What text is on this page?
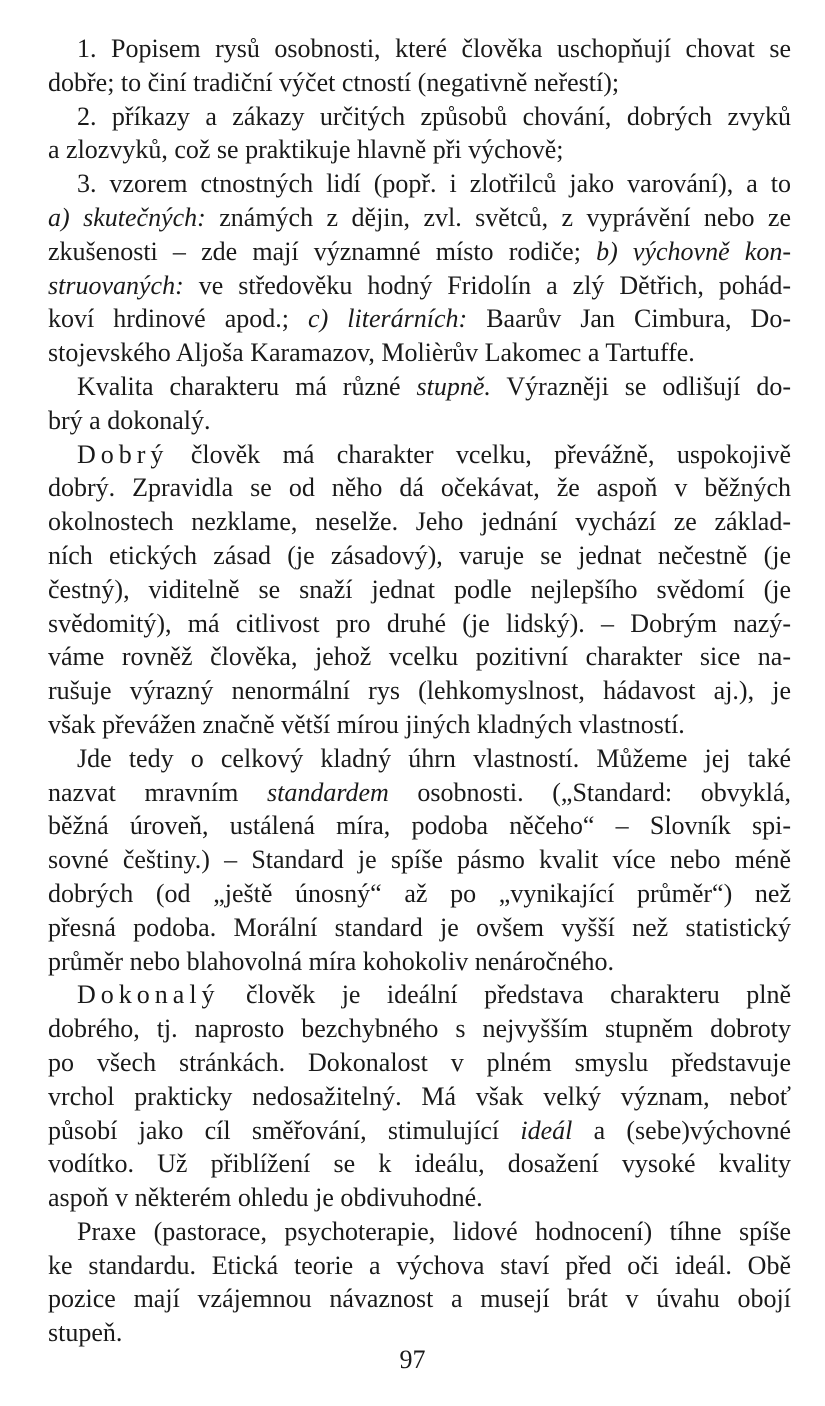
1. Popisem rysů osobnosti, které člověka uschopňují chovat se
dobře; to činí tradiční výčet ctností (negativně neřestí);
2. příkazy a zákazy určitých způsobů chování, dobrých zvyků
a zlozvyků, což se praktikuje hlavně při výchově;
3. vzorem ctnostných lidí (popř. i zlotřilců jako varování), a to
a) skutečných: známých z dějin, zvl. světců, z vyprávění nebo ze
zkušenosti – zde mají významné místo rodiče; b) výchovně kon-
struovaných: ve středověku hodný Fridolín a zlý Dětřich, pohád-
koví hrdinové apod.; c) literárních: Baarův Jan Cimbura, Do-
stojevského Aljoša Karamazov, Molièrův Lakomec a Tartuffe.
Kvalita charakteru má různé stupně. Výrazněji se odlišují do-
brý a dokonalý.
Dobrý člověk má charakter vcelku, převážně, uspokojivě
dobrý. Zpravidla se od něho dá očekávat, že aspoň v běžných
okolnostech nezklame, neselže. Jeho jednání vychází ze základ-
ních etických zásad (je zásadový), varuje se jednat nečestně (je
čestný), viditelně se snaží jednat podle nejlepšího svědomí (je
svědomitý), má citlivost pro druhé (je lidský). – Dobrým nazý-
váme rovněž člověka, jehož vcelku pozitivní charakter sice na-
rušuje výrazný nenormální rys (lehkomyslnost, hádavost aj.), je
však převážen značně větší mírou jiných kladných vlastností.
Jde tedy o celkový kladný úhrn vlastností. Můžeme jej také
nazvat mravním standardem osobnosti. („Standard: obvyklá,
běžná úroveň, ustálená míra, podoba něčeho“ – Slovník spi-
sovné češtiny.) – Standard je spíše pásmo kvalit více nebo méně
dobrých (od „ještě únosný“ až po „vynikající průměr“) než
přesná podoba. Morální standard je ovšem vyšší než statistický
průměr nebo blahovolná míra kohokoliv nenáročného.
Dokonalý člověk je ideální představa charakteru plně
dobrého, tj. naprosto bezchybného s nejvyšším stupněm dobroty
po všech stránkách. Dokonalost v plném smyslu představuje
vrchol prakticky nedosažitelný. Má však velký význam, neboť
působí jako cíl směřování, stimulující ideál a (sebe)výchovné
vodítko. Už přiblížení se k ideálu, dosažení vysoké kvality
aspoň v některém ohledu je obdivuhodné.
Praxe (pastorace, psychoterapie, lidové hodnocení) tíhne spíše
ke standardu. Etická teorie a výchova staví před oči ideál. Obě
pozice mají vzájemnou návaznost a musejí brát v úvahu obojí
stupeň.
97
